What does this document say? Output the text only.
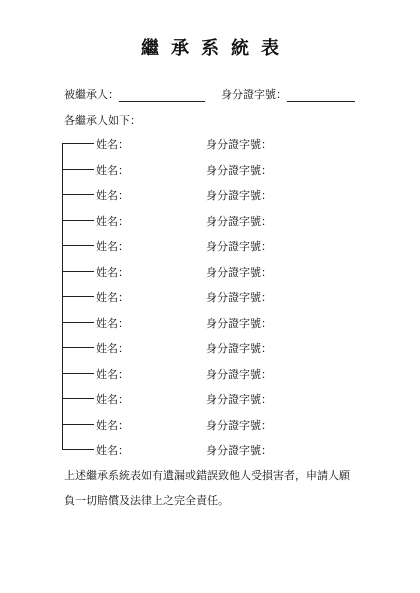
繼承系統表
被繼承人：	身分證字號：
各繼承人如下：
姓名：	身分證字號：
姓名：	身分證字號：
姓名：	身分證字號：
姓名：	身分證字號：
姓名：	身分證字號：
姓名：	身分證字號：
姓名：	身分證字號：
姓名：	身分證字號：
姓名：	身分證字號：
姓名：	身分證字號：
姓名：	身分證字號：
姓名：	身分證字號：
姓名：	身分證字號：
上述繼承系統表如有遺漏或錯誤致他人受損害者，申請人願
負一切賠償及法律上之完全責任。
